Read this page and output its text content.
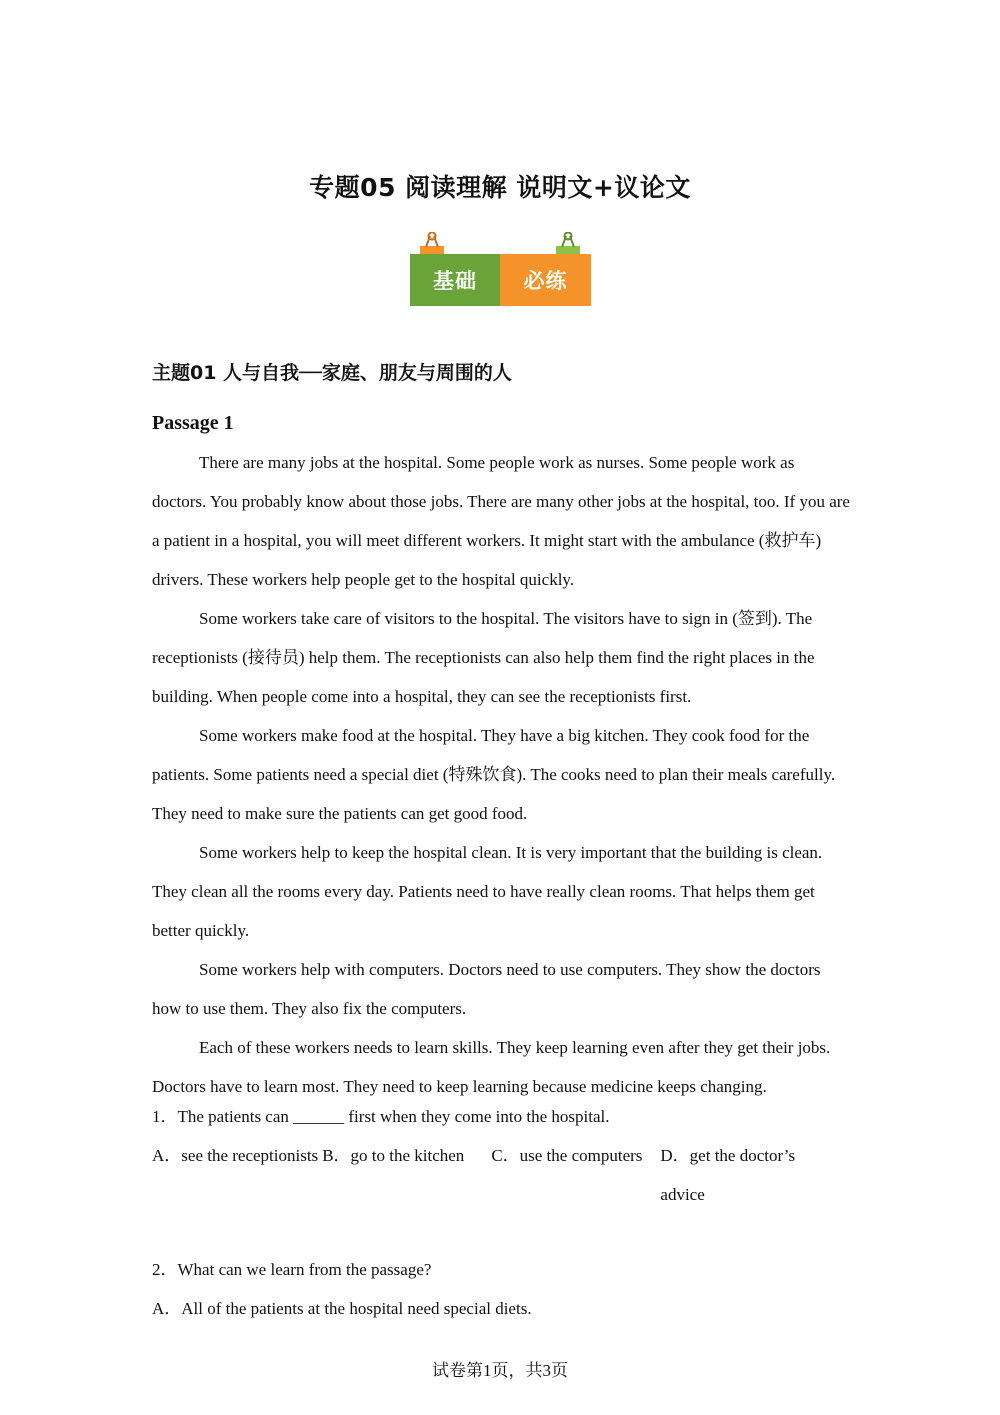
专题05 阅读理解 说明文+议论文
基础	必练
主题01 人与自我──家庭、朋友与周围的人
Passage 1

There are many jobs at the hospital. Some people work as nurses. Some people work as doctors. You probably know about those jobs. There are many other jobs at the hospital, too. If you are a patient in a hospital, you will meet different workers. It might start with the ambulance (救护车) drivers. These workers help people get to the hospital quickly.

Some workers take care of visitors to the hospital. The visitors have to sign in (签到). The receptionists (接待员) help them. The receptionists can also help them find the right places in the building. When people come into a hospital, they can see the receptionists first.

Some workers make food at the hospital. They have a big kitchen. They cook food for the patients. Some patients need a special diet (特殊饮食). The cooks need to plan their meals carefully. They need to make sure the patients can get good food.

Some workers help to keep the hospital clean. It is very important that the building is clean. They clean all the rooms every day. Patients need to have really clean rooms. That helps them get better quickly.

Some workers help with computers. Doctors need to use computers. They show the doctors how to use them. They also fix the computers.

Each of these workers needs to learn skills. They keep learning even after they get their jobs. Doctors have to learn most. They need to keep learning because medicine keeps changing.

1．The patients can ______ first when they come into the hospital.
A．see the receptionists B．go to the kitchen C．use the computers D．get the doctor’s advice
2．What can we learn from the passage?
A．All of the patients at the hospital need special diets.
试卷第1页，共3页
